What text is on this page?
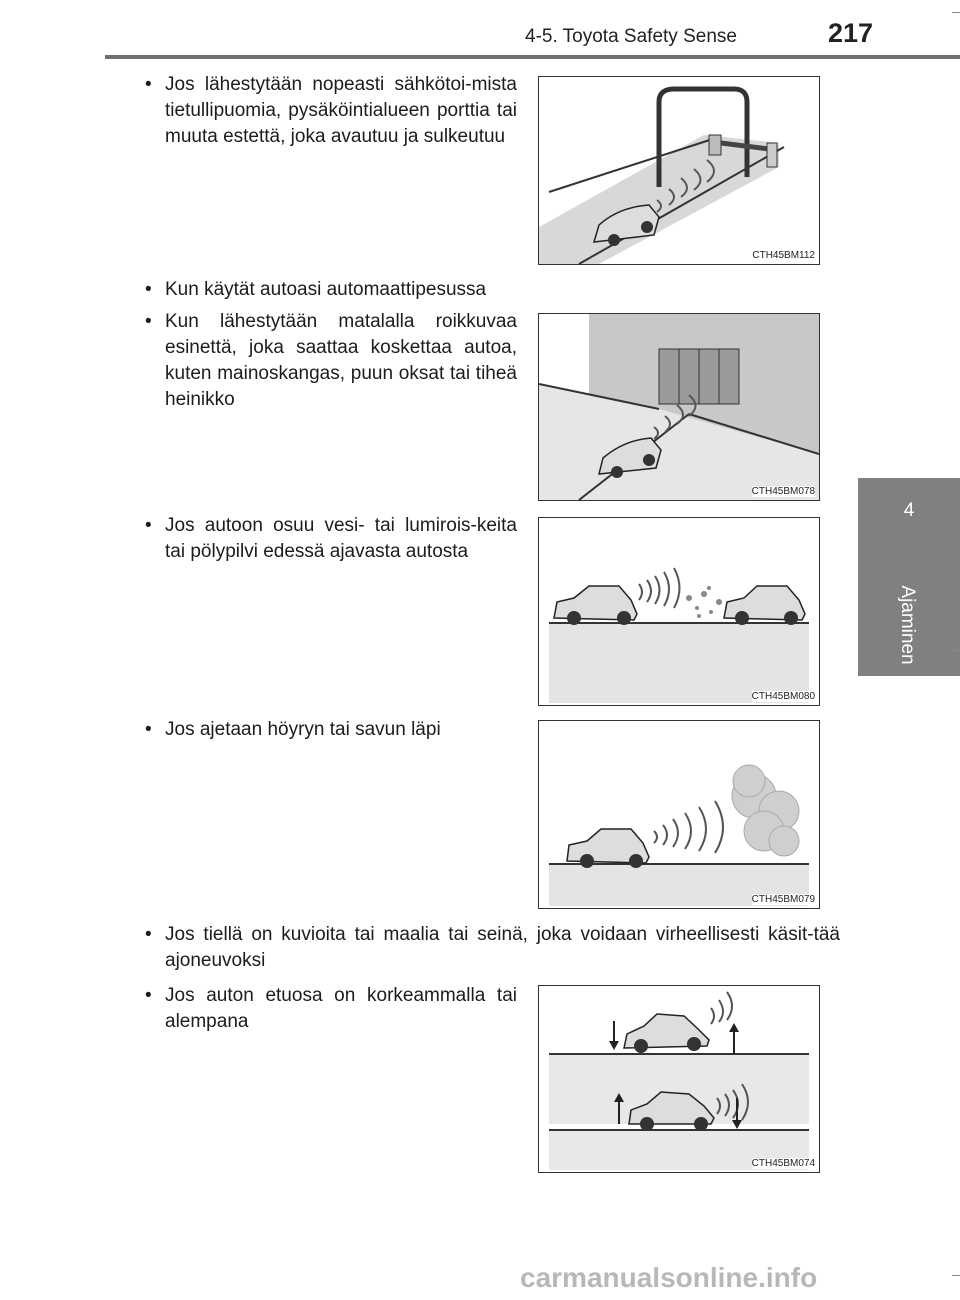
4-5. Toyota Safety Sense	217
4
Ajaminen
• Jos lähestytään nopeasti sähkötoi-mista tietullipuomia, pysäköintialueen porttia tai muuta estettä, joka avautuu ja sulkeutuu
• Kun käytät autoasi automaattipesussa
• Kun lähestytään matalalla roikkuvaa esinettä, joka saattaa koskettaa autoa, kuten mainoskangas, puun oksat tai tiheä heinikko
• Jos autoon osuu vesi- tai lumirois-keita tai pölypilvi edessä ajavasta autosta
• Jos ajetaan höyryn tai savun läpi
• Jos tiellä on kuvioita tai maalia tai seinä, joka voidaan virheellisesti käsit-tää ajoneuvoksi
• Jos auton etuosa on korkeammalla tai alempana
CTH45BM112
CTH45BM078
CTH45BM080
CTH45BM079
CTH45BM074
carmanualsonline.info
